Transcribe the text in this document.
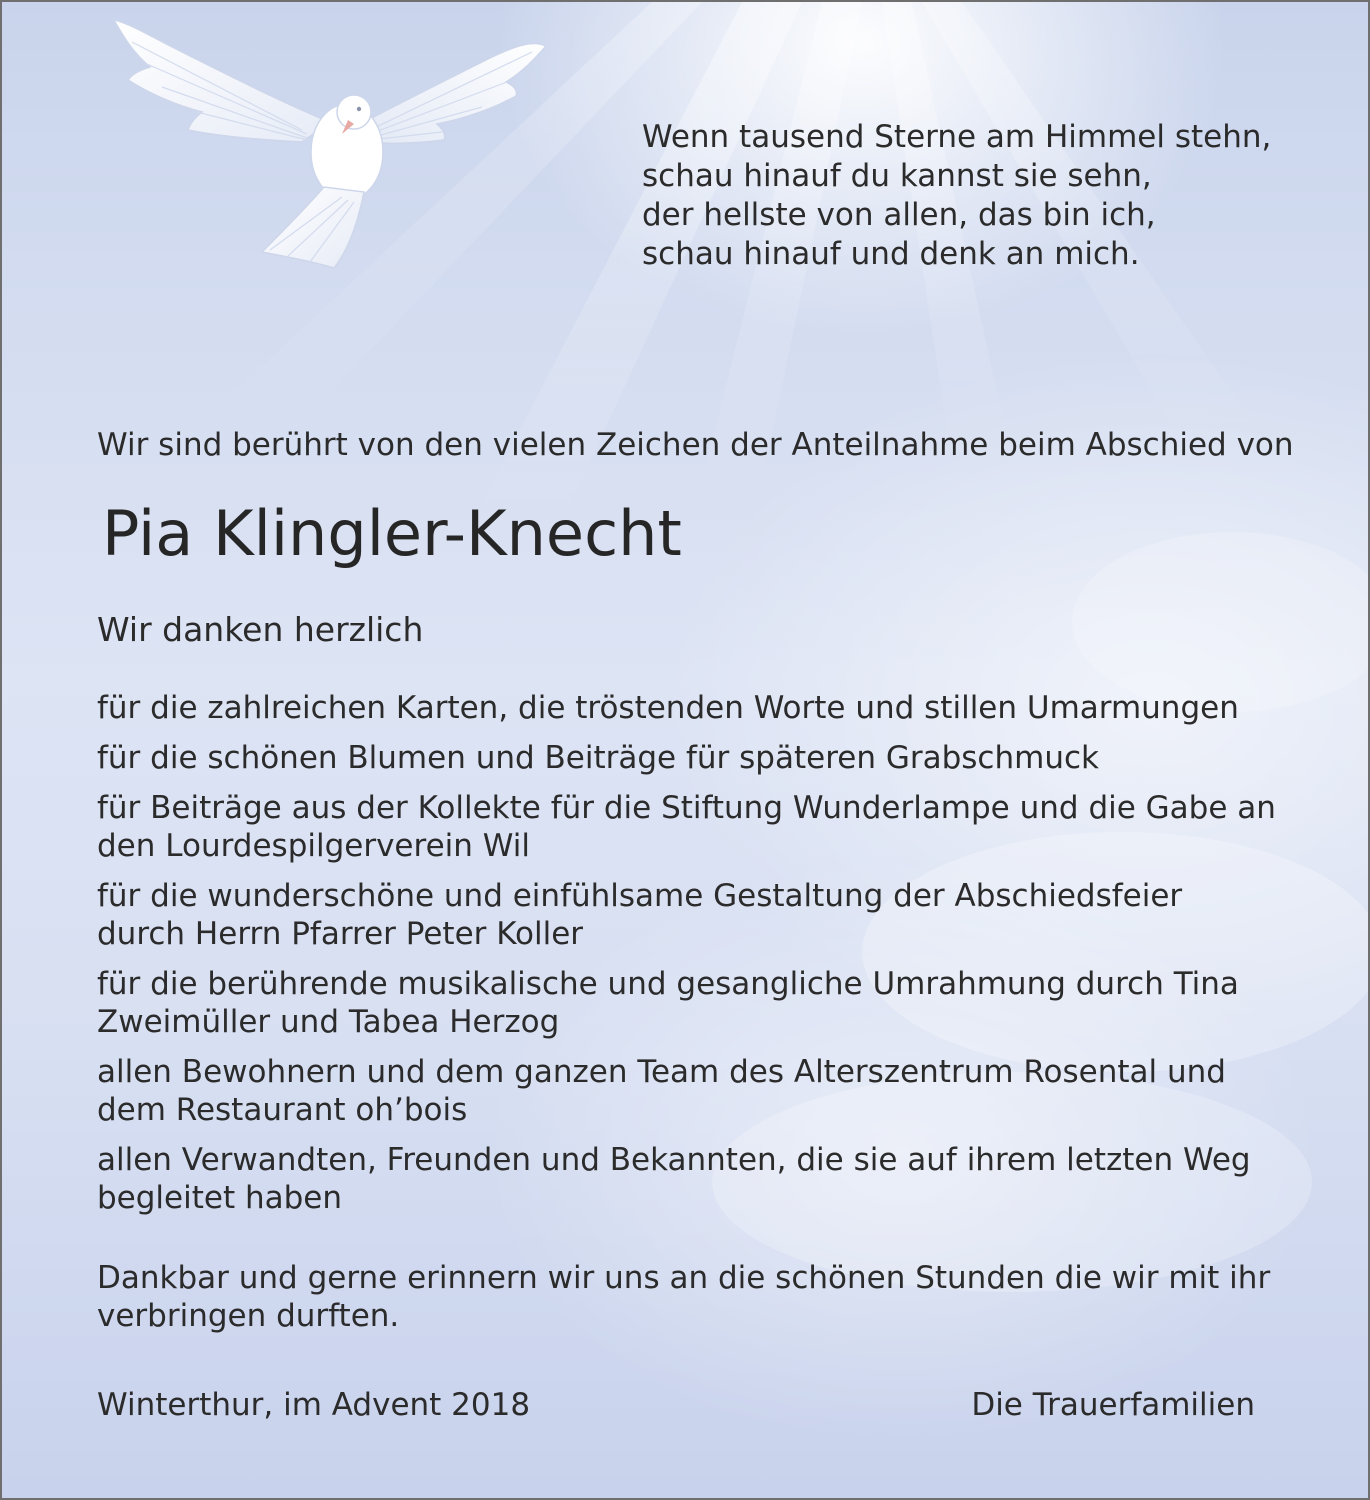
Wenn tausend Sterne am Himmel stehn,
schau hinauf du kannst sie sehn,
der hellste von allen, das bin ich,
schau hinauf und denk an mich.
Wir sind berührt von den vielen Zeichen der Anteilnahme beim Abschied von
Pia Klingler-Knecht
Wir danken herzlich
für die zahlreichen Karten, die tröstenden Worte und stillen Umarmungen
für die schönen Blumen und Beiträge für späteren Grabschmuck
für Beiträge aus der Kollekte für die Stiftung Wunderlampe und die Gabe an den Lourdespilgerverein Wil
für die wunderschöne und einfühlsame Gestaltung der Abschiedsfeier durch Herrn Pfarrer Peter Koller
für die berührende musikalische und gesangliche Umrahmung durch Tina Zweimüller und Tabea Herzog
allen Bewohnern und dem ganzen Team des Alterszentrum Rosental und dem Restaurant oh’bois
allen Verwandten, Freunden und Bekannten, die sie auf ihrem letzten Weg begleitet haben
Dankbar und gerne erinnern wir uns an die schönen Stunden die wir mit ihr verbringen durften.
Winterthur, im Advent 2018	Die Trauerfamilien
